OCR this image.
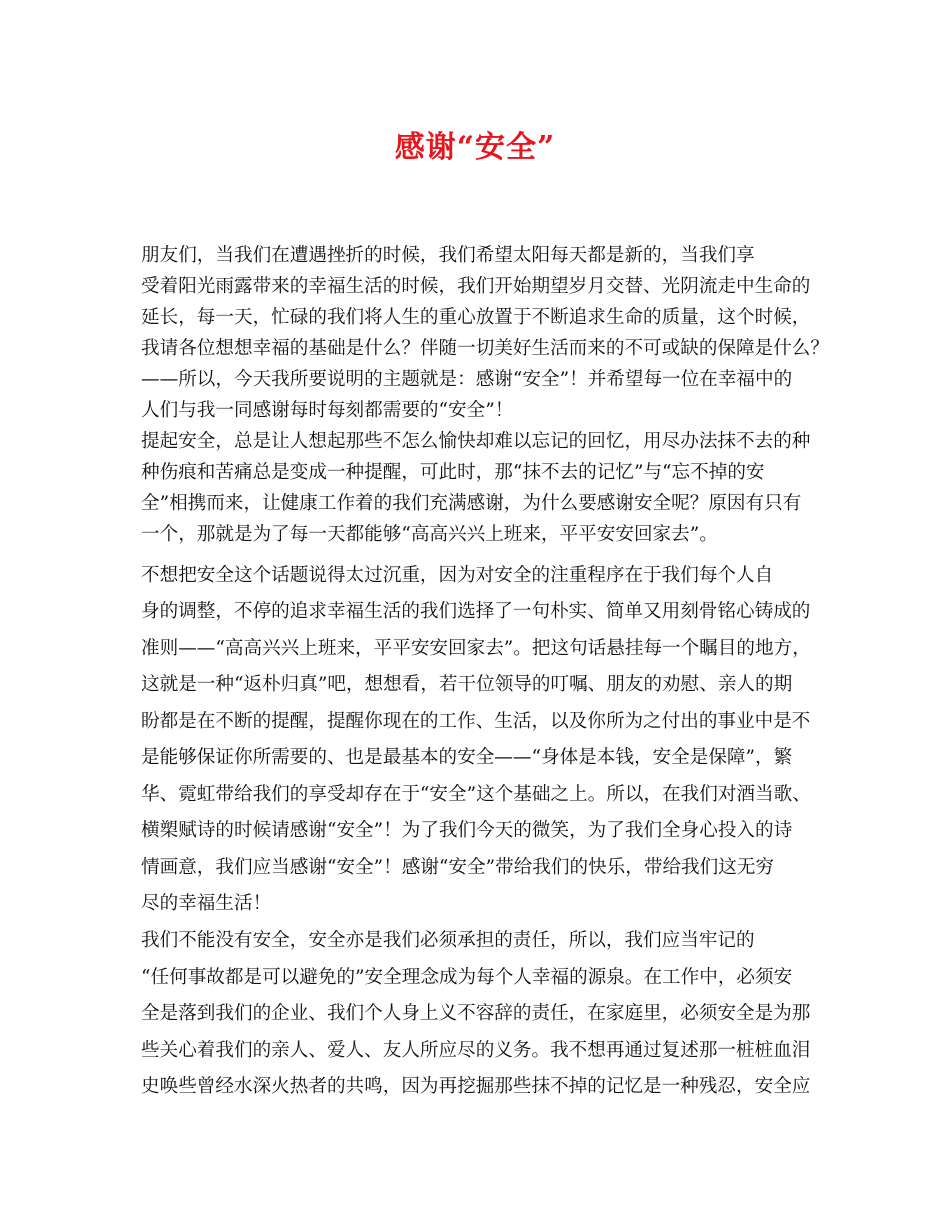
感谢“安全”
朋友们，当我们在遭遇挫折的时候，我们希望太阳每天都是新的，当我们享
受着阳光雨露带来的幸福生活的时候，我们开始期望岁月交替、光阴流走中生命的
延长，每一天，忙碌的我们将人生的重心放置于不断追求生命的质量，这个时候，
我请各位想想幸福的基础是什么？伴随一切美好生活而来的不可或缺的保障是什么？
——所以，今天我所要说明的主题就是：感谢“安全”！并希望每一位在幸福中的
人们与我一同感谢每时每刻都需要的“安全”！
提起安全，总是让人想起那些不怎么愉快却难以忘记的回忆，用尽办法抹不去的种
种伤痕和苦痛总是变成一种提醒，可此时，那“抹不去的记忆”与“忘不掉的安
全”相携而来，让健康工作着的我们充满感谢，为什么要感谢安全呢？原因有只有
一个，那就是为了每一天都能够“高高兴兴上班来，平平安安回家去”。
不想把安全这个话题说得太过沉重，因为对安全的注重程序在于我们每个人自
身的调整，不停的追求幸福生活的我们选择了一句朴实、简单又用刻骨铭心铸成的
准则——“高高兴兴上班来，平平安安回家去”。把这句话悬挂每一个瞩目的地方，
这就是一种“返朴归真”吧，想想看，若干位领导的叮嘱、朋友的劝慰、亲人的期
盼都是在不断的提醒，提醒你现在的工作、生活，以及你所为之付出的事业中是不
是能够保证你所需要的、也是最基本的安全——“身体是本钱，安全是保障”，繁
华、霓虹带给我们的享受却存在于“安全”这个基础之上。所以，在我们对酒当歌、
横槊赋诗的时候请感谢“安全”！为了我们今天的微笑，为了我们全身心投入的诗
情画意，我们应当感谢“安全”！感谢“安全”带给我们的快乐，带给我们这无穷
尽的幸福生活！
我们不能没有安全，安全亦是我们必须承担的责任，所以，我们应当牢记的
“任何事故都是可以避免的”安全理念成为每个人幸福的源泉。在工作中，必须安
全是落到我们的企业、我们个人身上义不容辞的责任，在家庭里，必须安全是为那
些关心着我们的亲人、爱人、友人所应尽的义务。我不想再通过复述那一桩桩血泪
史唤些曾经水深火热者的共鸣，因为再挖掘那些抹不掉的记忆是一种残忍，安全应
